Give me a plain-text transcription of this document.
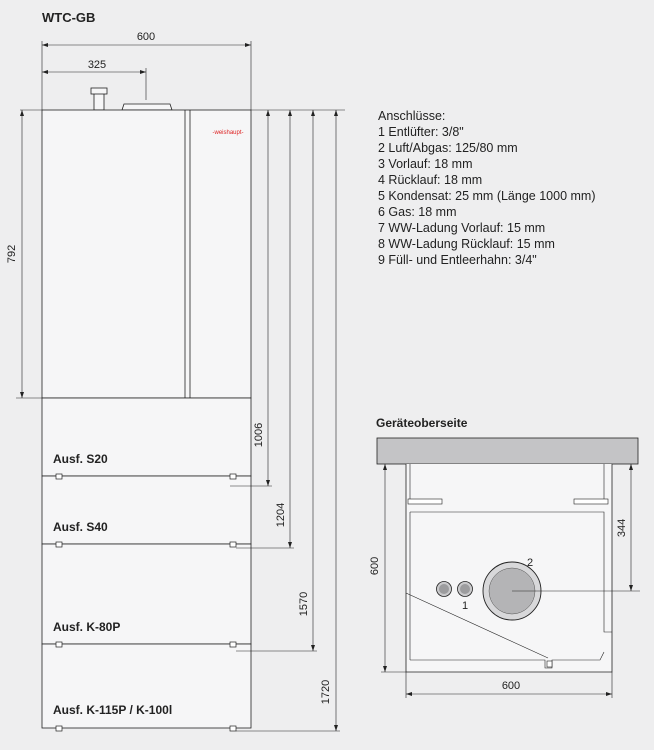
WTC-GB
600
325
-weishaupt-
Ausf. S20
Ausf. S40
Ausf. K-80P
Ausf. K-115P / K-100l
792
1006
1204
1570
1720
Anschlüsse:
1 Entlüfter: 3/8"
2 Luft/Abgas: 125/80 mm
3 Vorlauf: 18 mm
4 Rücklauf: 18 mm
5 Kondensat: 25 mm (Länge 1000 mm)
6 Gas: 18 mm
7 WW-Ladung Vorlauf: 15 mm
8 WW-Ladung Rücklauf: 15 mm
9 Füll- und Entleerhahn: 3/4"
Geräteoberseite
1
2
600
344
600
